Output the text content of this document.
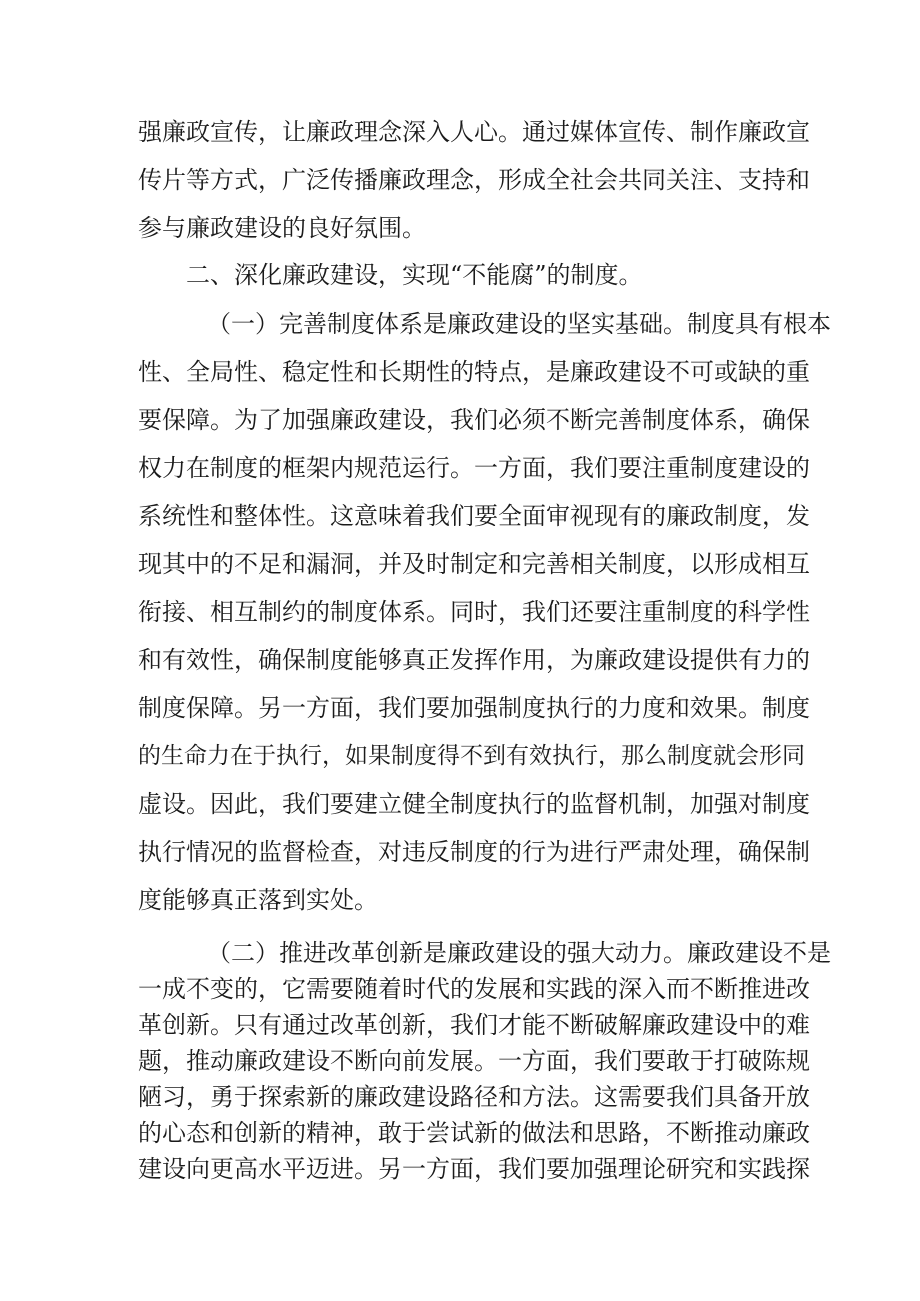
强廉政宣传，让廉政理念深入人心。通过媒体宣传、制作廉政宣
传片等方式，广泛传播廉政理念，形成全社会共同关注、支持和
参与廉政建设的良好氛围。
二、深化廉政建设，实现“不能腐”的制度。
（一）完善制度体系是廉政建设的坚实基础。制度具有根本
性、全局性、稳定性和长期性的特点，是廉政建设不可或缺的重
要保障。为了加强廉政建设，我们必须不断完善制度体系，确保
权力在制度的框架内规范运行。一方面，我们要注重制度建设的
系统性和整体性。这意味着我们要全面审视现有的廉政制度，发
现其中的不足和漏洞，并及时制定和完善相关制度，以形成相互
衔接、相互制约的制度体系。同时，我们还要注重制度的科学性
和有效性，确保制度能够真正发挥作用，为廉政建设提供有力的
制度保障。另一方面，我们要加强制度执行的力度和效果。制度
的生命力在于执行，如果制度得不到有效执行，那么制度就会形同
虚设。因此，我们要建立健全制度执行的监督机制，加强对制度
执行情况的监督检查，对违反制度的行为进行严肃处理，确保制
度能够真正落到实处。
（二）推进改革创新是廉政建设的强大动力。廉政建设不是
一成不变的，它需要随着时代的发展和实践的深入而不断推进改
革创新。只有通过改革创新，我们才能不断破解廉政建设中的难
题，推动廉政建设不断向前发展。一方面，我们要敢于打破陈规
陋习，勇于探索新的廉政建设路径和方法。这需要我们具备开放
的心态和创新的精神，敢于尝试新的做法和思路，不断推动廉政
建设向更高水平迈进。另一方面，我们要加强理论研究和实践探
